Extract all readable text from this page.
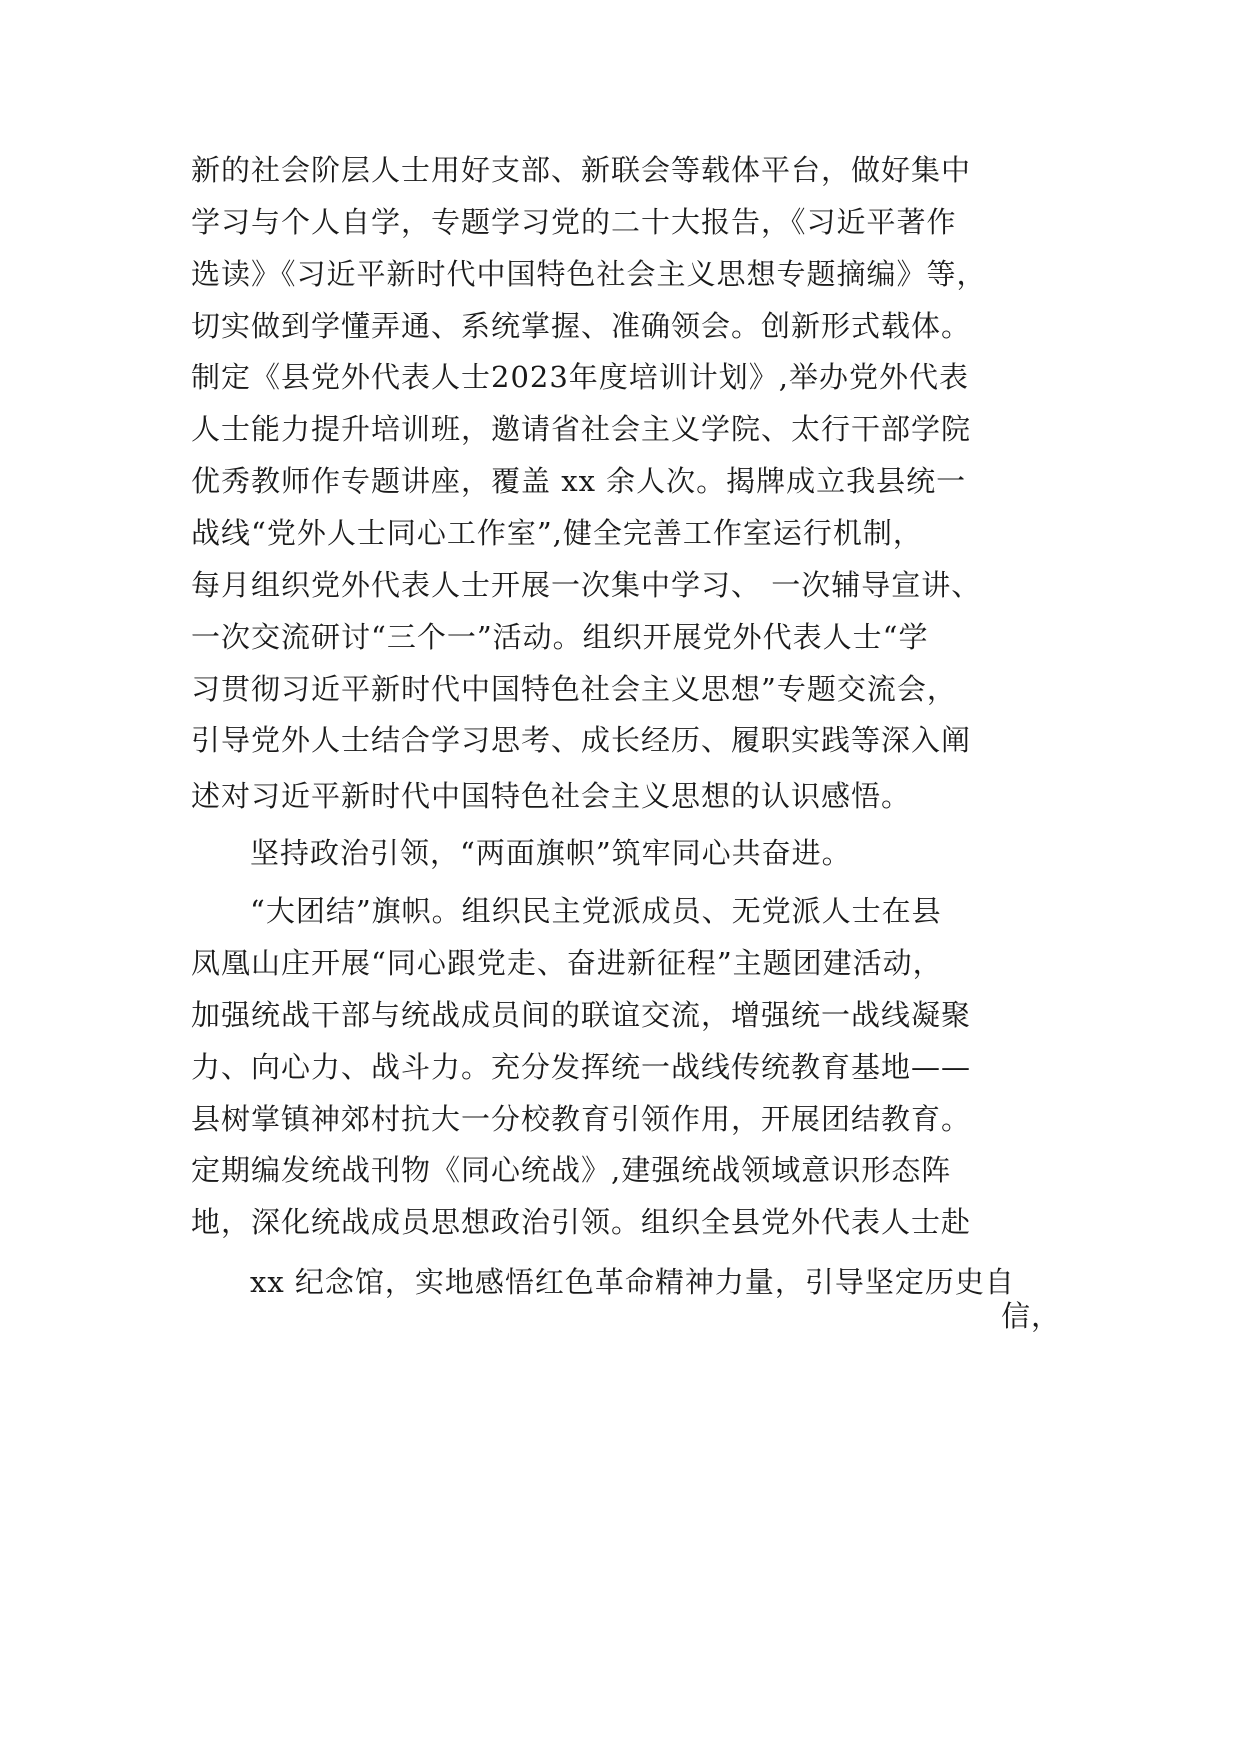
新的社会阶层人士用好支部、新联会等载体平台，做好集中
学习与个人自学，专题学习党的二十大报告，《习近平著作
选读》《习近平新时代中国特色社会主义思想专题摘编》等，
切实做到学懂弄通、系统掌握、准确领会。创新形式载体。
制定《县党外代表人士2023年度培训计划》,举办党外代表
人士能力提升培训班，邀请省社会主义学院、太行干部学院
优秀教师作专题讲座，覆盖 xx 余人次。揭牌成立我县统一
战线“党外人士同心工作室”,健全完善工作室运行机制，
每月组织党外代表人士开展一次集中学习、 一次辅导宣讲、
一次交流研讨“三个一”活动。组织开展党外代表人士“学
习贯彻习近平新时代中国特色社会主义思想”专题交流会，
引导党外人士结合学习思考、成长经历、履职实践等深入阐
述对习近平新时代中国特色社会主义思想的认识感悟。
坚持政治引领，“两面旗帜”筑牢同心共奋进。
“大团结”旗帜。组织民主党派成员、无党派人士在县
凤凰山庄开展“同心跟党走、奋进新征程”主题团建活动，
加强统战干部与统战成员间的联谊交流，增强统一战线凝聚
力、向心力、战斗力。充分发挥统一战线传统教育基地——
县树掌镇神郊村抗大一分校教育引领作用，开展团结教育。
定期编发统战刊物《同心统战》,建强统战领域意识形态阵
地，深化统战成员思想政治引领。组织全县党外代表人士赴
xx 纪念馆，实地感悟红色革命精神力量，引导坚定历史自
信，
